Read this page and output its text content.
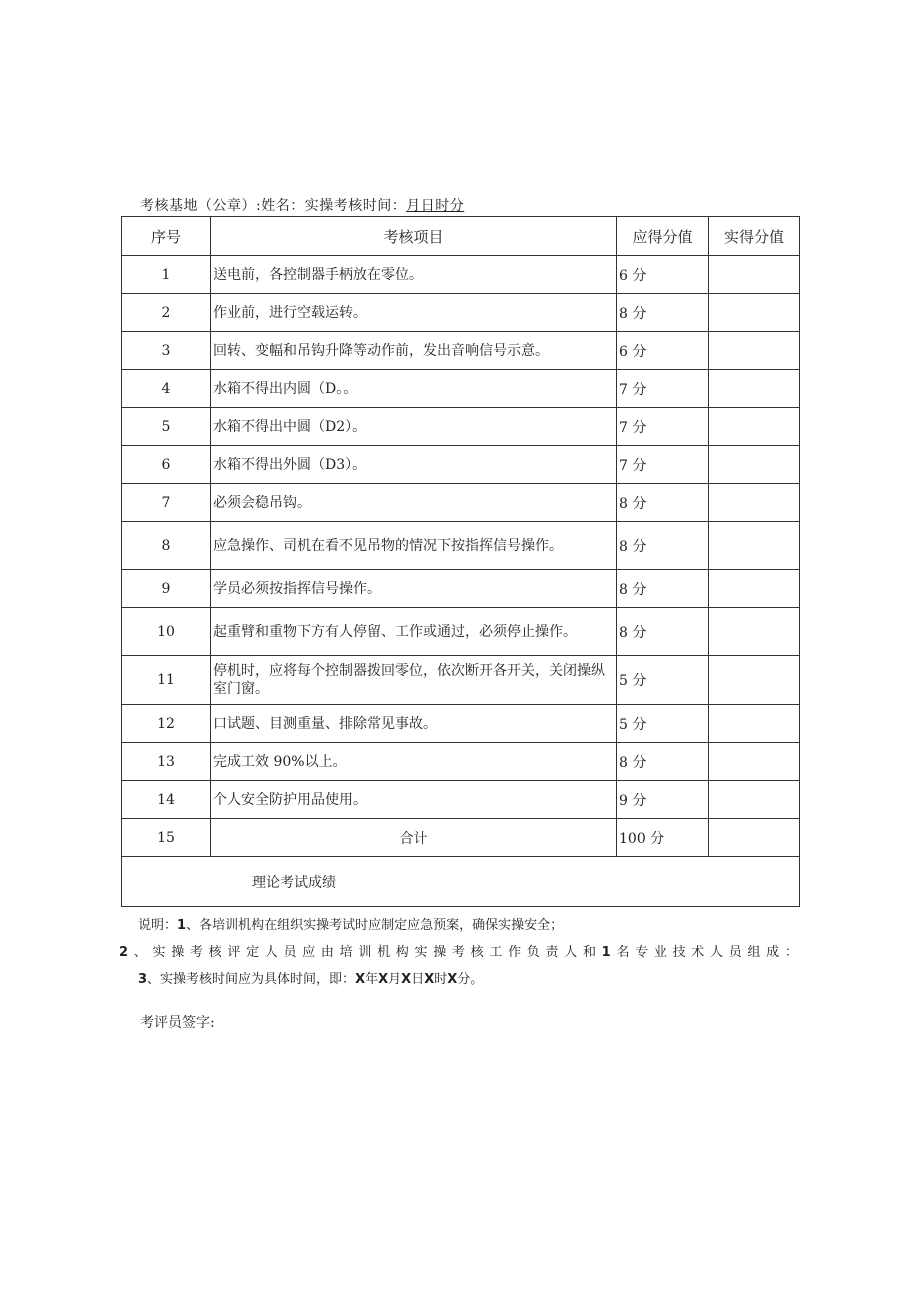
考核基地（公章）:姓名：实操考核时间：月日时分
序号	考核项目	应得分值	实得分值
1	送电前，各控制器手柄放在零位。	6 分	
2	作业前，进行空载运转。	8 分	
3	回转、变幅和吊钩升降等动作前，发出音响信号示意。	6 分	
4	水箱不得出内圆（D。。	7 分	
5	水箱不得出中圆（D2）。	7 分	
6	水箱不得出外圆（D3）。	7 分	
7	必须会稳吊钩。	8 分	
8	应急操作、司机在看不见吊物的情况下按指挥信号操作。	8 分	
9	学员必须按指挥信号操作。	8 分	
10	起重臂和重物下方有人停留、工作或通过，必须停止操作。	8 分	
11	停机时，应将每个控制器拨回零位，依次断开各开关，关闭操纵室门窗。	5 分	
12	口试题、目测重量、排除常见事故。	5 分	
13	完成工效 90%以上。	8 分	
14	个人安全防护用品使用。	9 分	
15	合计	100 分	
理论考试成绩			
说明：1、各培训机构在组织实操考试时应制定应急预案，确保实操安全；
2、实操考核评定人员应由培训机构实操考核工作负责人和1名专业技术人员组成：
3、实操考核时间应为具体时间，即：X年X月X日X时X分。
考评员签字:
